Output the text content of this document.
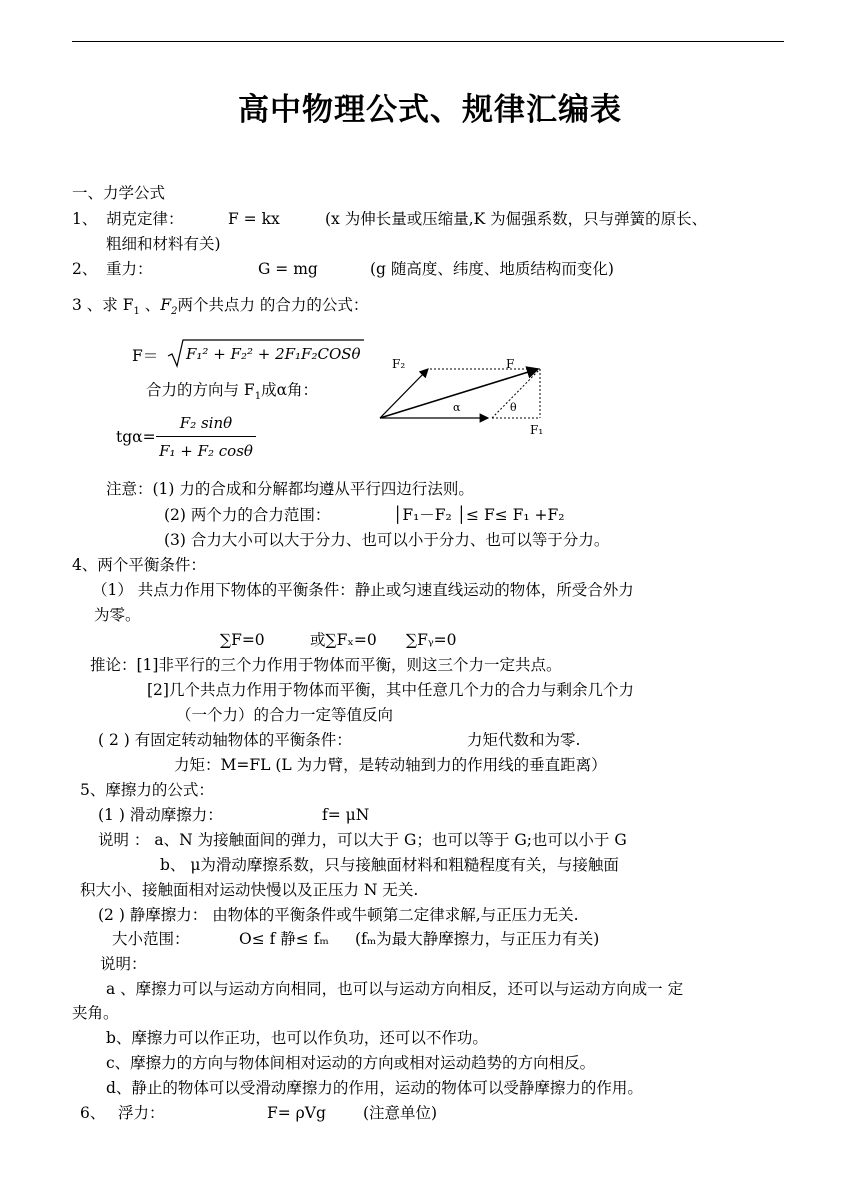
高中物理公式、规律汇编表
一、力学公式
1、 胡克定律：	F = kx	(x 为伸长量或压缩量,K 为倔强系数，只与弹簧的原长、
粗细和材料有关)
2、 重力：	G = mg	(g 随高度、纬度、地质结构而变化)
3 、求 $F_1$ 、$F_2$两个共点力 的合力的公式：
F＝ F₁² + F₂² + 2F₁F₂COSθ
合力的方向与 $F_1$成α角：
tgα=
F₂ sinθ
F₁ + F₂ cosθ
F₂	F
α	θ
F₁
注意：(1) 力的合成和分解都均遵从平行四边行法则。
(2) 两个力的合力范围：	│F₁－F₂ │≤ F≤ F₁ +F₂
(3) 合力大小可以大于分力、也可以小于分力、也可以等于分力。
4、两个平衡条件：
（1） 共点力作用下物体的平衡条件：静止或匀速直线运动的物体，所受合外力
为零。
∑F=0	或∑Fₓ=0 ∑Fᵧ=0
推论：[1]非平行的三个力作用于物体而平衡，则这三个力一定共点。
[2]几个共点力作用于物体而平衡，其中任意几个力的合力与剩余几个力
（一个力）的合力一定等值反向
( 2 ) 有固定转动轴物体的平衡条件：	力矩代数和为零.
力矩：M=FL (L 为力臂，是转动轴到力的作用线的垂直距离）
5、摩擦力的公式：
(1 ) 滑动摩擦力：	f= μN
说明 ： a、N 为接触面间的弹力，可以大于 G；也可以等于 G;也可以小于 G
b、 μ为滑动摩擦系数，只与接触面材料和粗糙程度有关，与接触面
积大小、接触面相对运动快慢以及正压力 N 无关.
(2 ) 静摩擦力： 由物体的平衡条件或牛顿第二定律求解,与正压力无关.
大小范围：	O≤ f 静≤ fₘ (fₘ为最大静摩擦力，与正压力有关)
说明：
a 、摩擦力可以与运动方向相同，也可以与运动方向相反，还可以与运动方向成一 定
夹角。
b、摩擦力可以作正功，也可以作负功，还可以不作功。
c、摩擦力的方向与物体间相对运动的方向或相对运动趋势的方向相反。
d、静止的物体可以受滑动摩擦力的作用，运动的物体可以受静摩擦力的作用。
6、 浮力：	F= ρVg (注意单位)
